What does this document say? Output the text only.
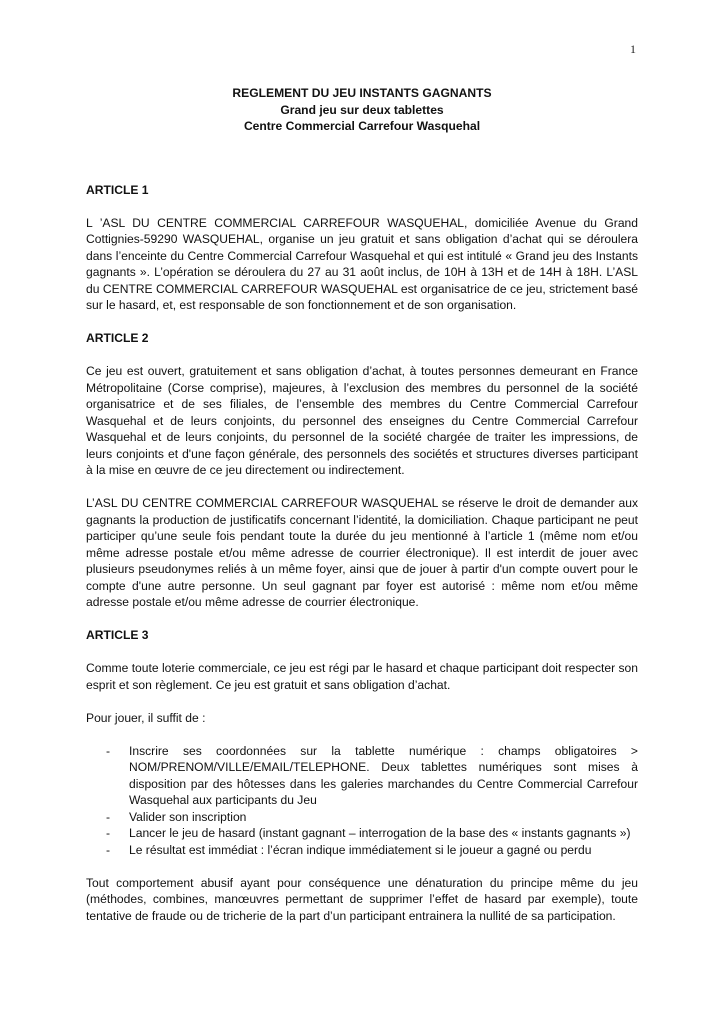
1
REGLEMENT DU JEU INSTANTS GAGNANTS
Grand jeu sur deux tablettes
Centre Commercial Carrefour Wasquehal
ARTICLE 1

L ’ASL DU CENTRE COMMERCIAL CARREFOUR WASQUEHAL, domiciliée Avenue du Grand Cottignies-59290 WASQUEHAL, organise un jeu gratuit et sans obligation d’achat qui se déroulera dans l’enceinte du Centre Commercial Carrefour Wasquehal et qui est intitulé « Grand jeu des Instants gagnants ». L’opération se déroulera du 27 au 31 août inclus, de 10H à 13H et de 14H à 18H. L’ASL du CENTRE COMMERCIAL CARREFOUR WASQUEHAL est organisatrice de ce jeu, strictement basé sur le hasard, et, est responsable de son fonctionnement et de son organisation.

ARTICLE 2

Ce jeu est ouvert, gratuitement et sans obligation d’achat, à toutes personnes demeurant en France Métropolitaine (Corse comprise), majeures, à l’exclusion des membres du personnel de la société organisatrice et de ses filiales, de l’ensemble des membres du Centre Commercial Carrefour Wasquehal et de leurs conjoints, du personnel des enseignes du Centre Commercial Carrefour Wasquehal et de leurs conjoints, du personnel de la société chargée de traiter les impressions, de leurs conjoints et d'une façon générale, des personnels des sociétés et structures diverses participant à la mise en œuvre de ce jeu directement ou indirectement.

L’ASL DU CENTRE COMMERCIAL CARREFOUR WASQUEHAL se réserve le droit de demander aux gagnants la production de justificatifs concernant l’identité, la domiciliation. Chaque participant ne peut participer qu’une seule fois pendant toute la durée du jeu mentionné à l’article 1 (même nom et/ou même adresse postale et/ou même adresse de courrier électronique). Il est interdit de jouer avec plusieurs pseudonymes reliés à un même foyer, ainsi que de jouer à partir d'un compte ouvert pour le compte d'une autre personne. Un seul gagnant par foyer est autorisé : même nom et/ou même adresse postale et/ou même adresse de courrier électronique.

ARTICLE 3

Comme toute loterie commerciale, ce jeu est régi par le hasard et chaque participant doit respecter son esprit et son règlement. Ce jeu est gratuit et sans obligation d’achat.

Pour jouer, il suffit de :

- Inscrire ses coordonnées sur la tablette numérique : champs obligatoires > NOM/PRENOM/VILLE/EMAIL/TELEPHONE. Deux tablettes numériques sont mises à disposition par des hôtesses dans les galeries marchandes du Centre Commercial Carrefour Wasquehal aux participants du Jeu
- Valider son inscription
- Lancer le jeu de hasard (instant gagnant – interrogation de la base des « instants gagnants »)
- Le résultat est immédiat : l’écran indique immédiatement si le joueur a gagné ou perdu

Tout comportement abusif ayant pour conséquence une dénaturation du principe même du jeu (méthodes, combines, manœuvres permettant de supprimer l’effet de hasard par exemple), toute tentative de fraude ou de tricherie de la part d’un participant entrainera la nullité de sa participation.
